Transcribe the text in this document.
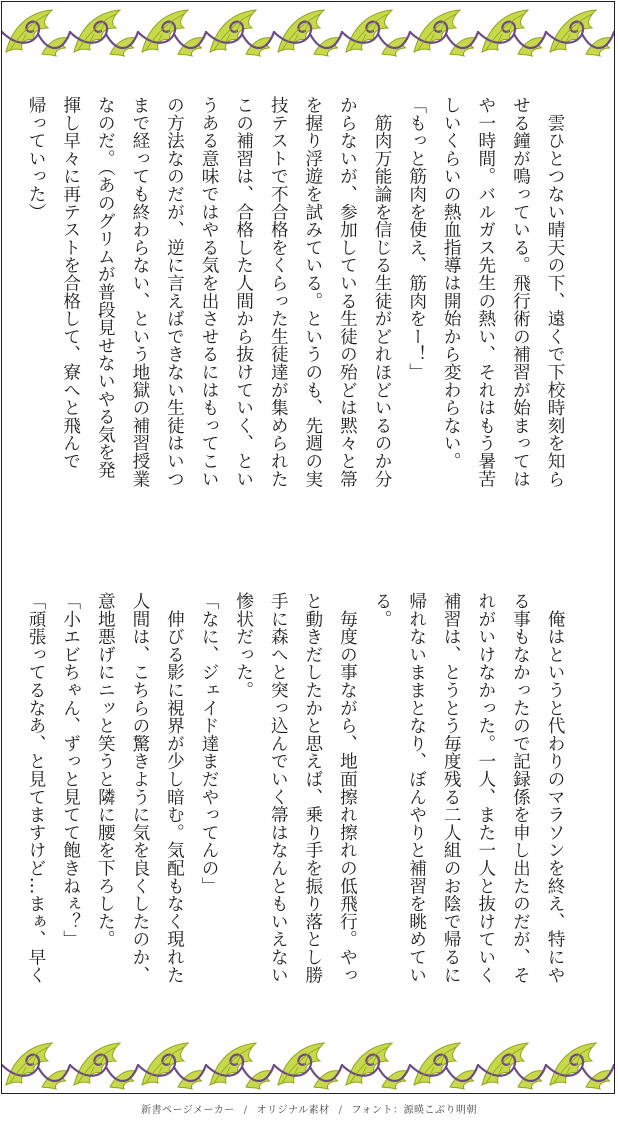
　雲ひとつない晴天の下、遠くで下校時刻を知ら
せる鐘が鳴っている。飛行術の補習が始まっては
や一時間。バルガス先生の熱い、それはもう暑苦
しいくらいの熱血指導は開始から変わらない。
「もっと筋肉を使え、筋肉をー！」
　筋肉万能論を信じる生徒がどれほどいるのか分
からないが、参加している生徒の殆どは黙々と箒
を握り浮遊を試みている。というのも、先週の実
技テストで不合格をくらった生徒達が集められた
この補習は、合格した人間から抜けていく、とい
うある意味ではやる気を出させるにはもってこい
の方法なのだが、逆に言えばできない生徒はいつ
まで経っても終わらない、という地獄の補習授業
なのだ。（あのグリムが普段見せないやる気を発
揮し早々に再テストを合格して、寮へと飛んで
帰っていった）
　俺はというと代わりのマラソンを終え、特にや
る事もなかったので記録係を申し出たのだが、そ
れがいけなかった。一人、また一人と抜けていく
補習は、とうとう毎度残る二人組のお陰で帰るに
帰れないままとなり、ぼんやりと補習を眺めてい
る。
　毎度の事ながら、地面擦れ擦れの低飛行。やっ
と動きだしたかと思えば、乗り手を振り落とし勝
手に森へと突っ込んでいく箒はなんともいえない
惨状だった。
「なに、ジェイド達まだやってんの」
　伸びる影に視界が少し暗む。気配もなく現れた
人間は、こちらの驚きように気を良くしたのか、
意地悪げにニッと笑うと隣に腰を下ろした。
「小エビちゃん、ずっと見てて飽きねぇ？」
「頑張ってるなあ、と見てますけど…まぁ、早く
新書ページメーカー / オリジナル素材 / フォント：源暎こぶり明朝
